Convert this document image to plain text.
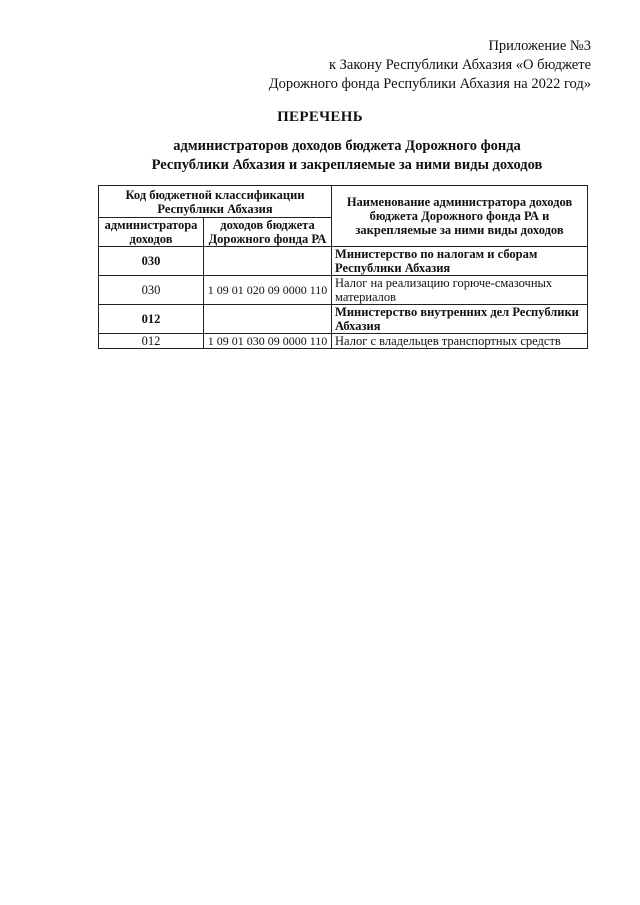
Приложение №3
к Закону Республики Абхазия «О бюджете
Дорожного фонда Республики Абхазия на 2022 год»
ПЕРЕЧЕНЬ
администраторов доходов бюджета Дорожного фонда
Республики Абхазия и закрепляемые за ними виды доходов
Код бюджетной классификации Республики Абхазия		Наименование администратора доходов бюджета Дорожного фонда РА и закрепляемые за ними виды доходов
администратора доходов	доходов бюджета Дорожного фонда РА	
030		Министерство по налогам и сборам Республики Абхазия
030	1 09 01 020 09 0000 110	Налог на реализацию горюче-смазочных материалов
012		Министерство внутренних дел Республики Абхазия
012	1 09 01 030 09 0000 110	Налог с владельцев транспортных средств
